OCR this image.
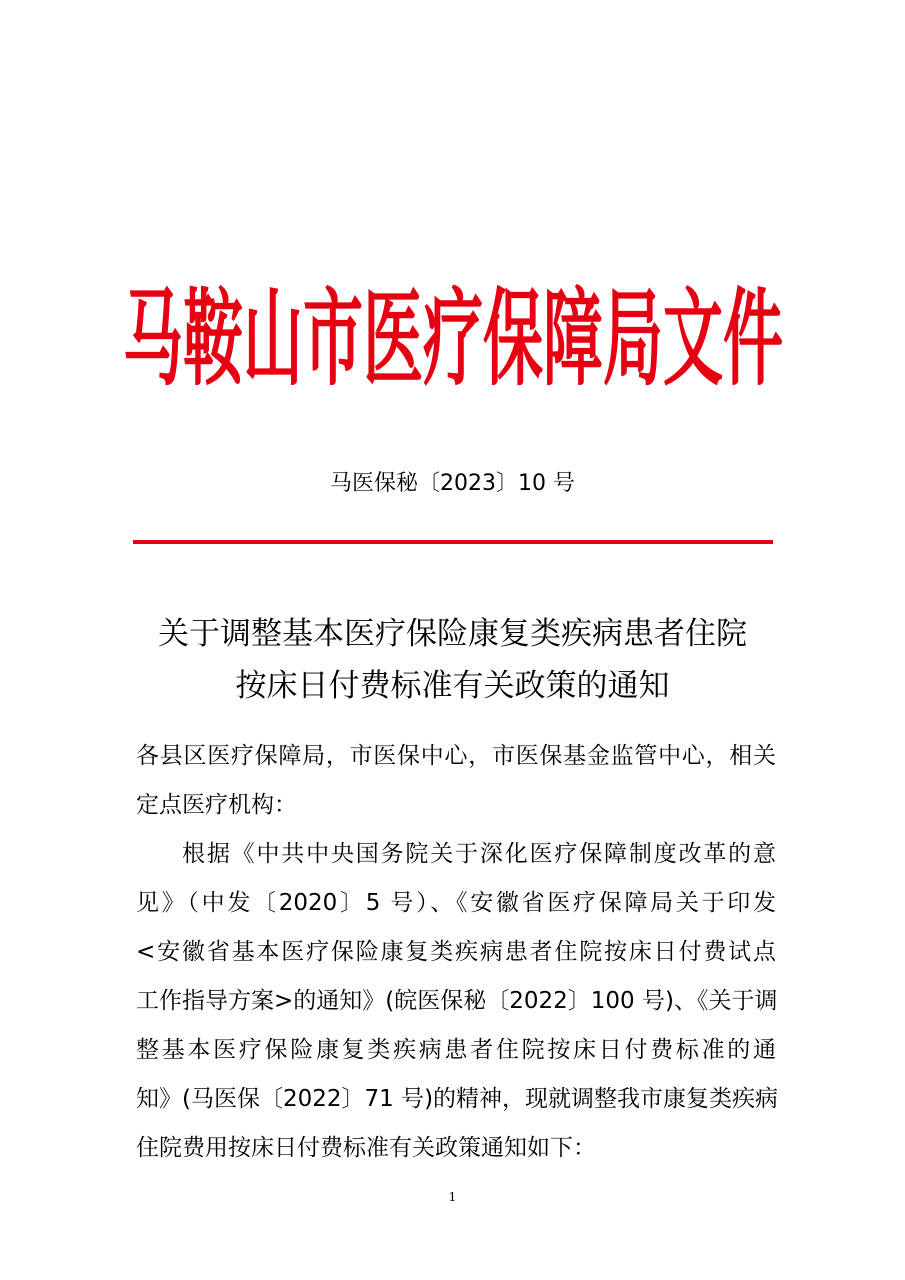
马鞍山市医疗保障局文件
马医保秘〔2023〕10 号
关于调整基本医疗保险康复类疾病患者住院
按床日付费标准有关政策的通知
各县区医疗保障局，市医保中心，市医保基金监管中心，相关
定点医疗机构：
根据《中共中央国务院关于深化医疗保障制度改革的意
见》（中发〔2020〕5 号）、《安徽省医疗保障局关于印发
<安徽省基本医疗保险康复类疾病患者住院按床日付费试点
工作指导方案>的通知》(皖医保秘〔2022〕100 号)、《关于调
整基本医疗保险康复类疾病患者住院按床日付费标准的通
知》(马医保〔2022〕71 号)的精神，现就调整我市康复类疾病
住院费用按床日付费标准有关政策通知如下：
1
